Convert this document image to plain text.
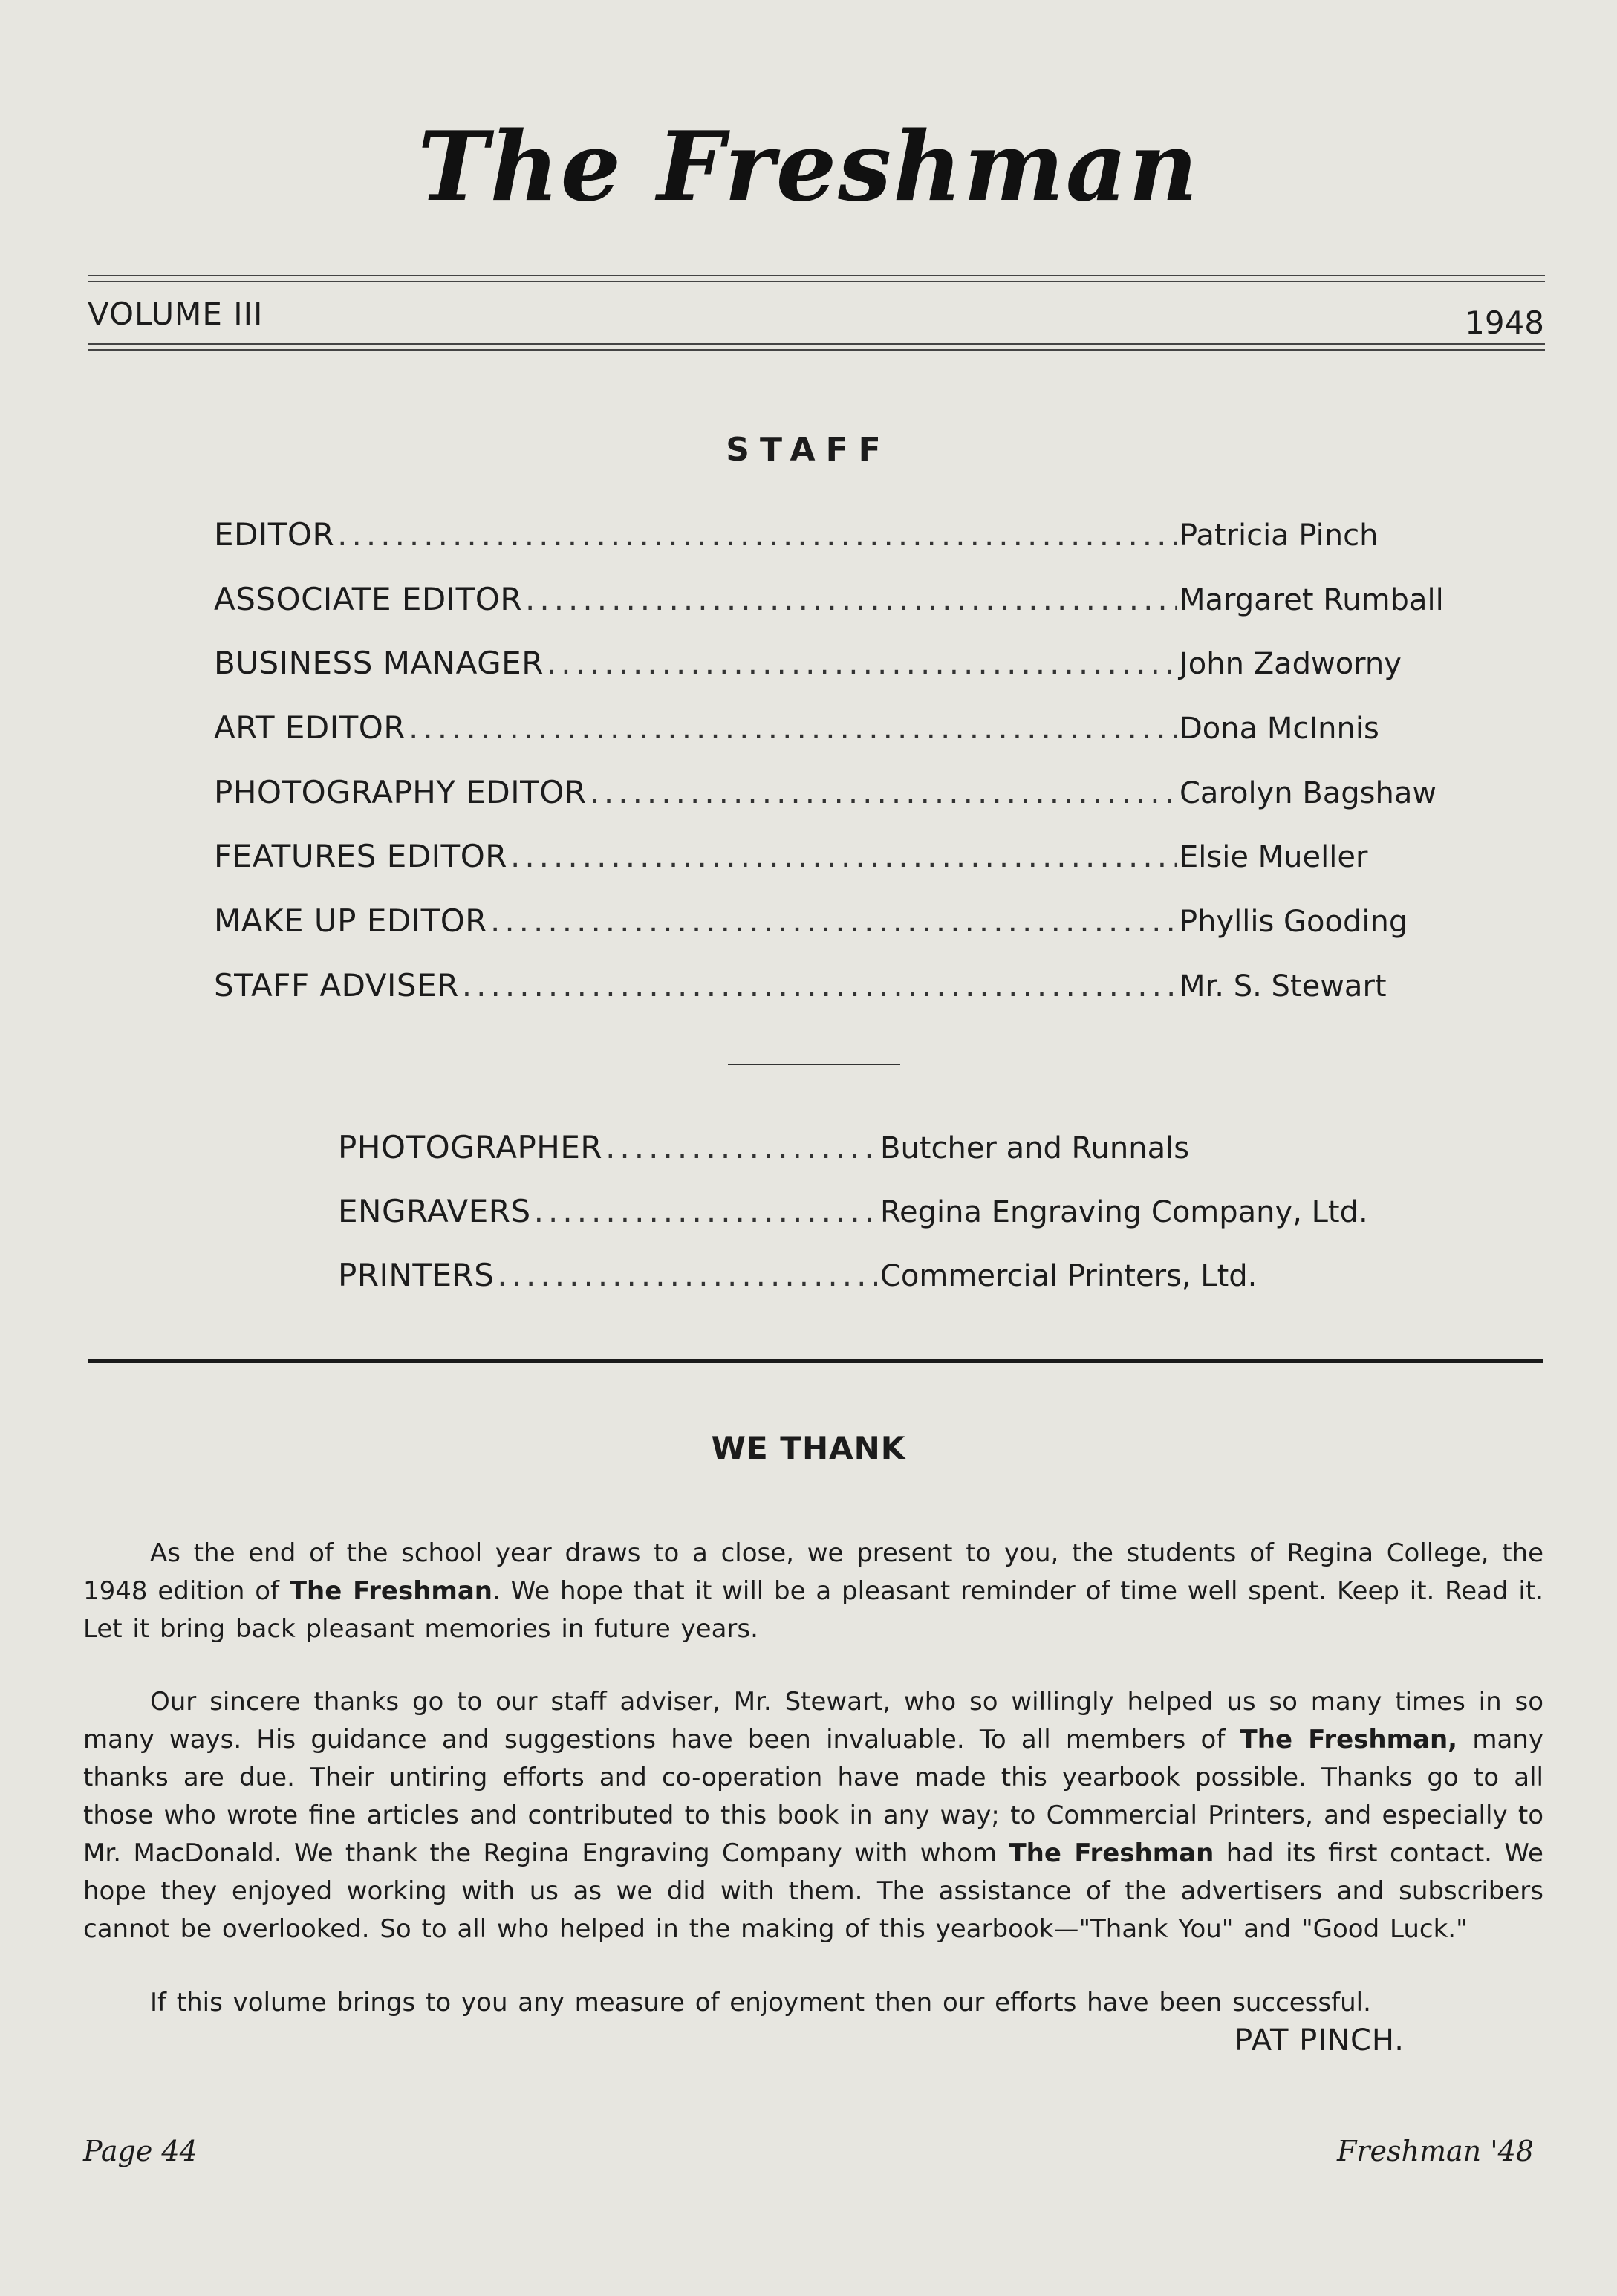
The Freshman
VOLUME III	1948
STAFF
EDITOR .....	Patricia Pinch
ASSOCIATE EDITOR .....	Margaret Rumball
BUSINESS MANAGER .....	John Zadworny
ART EDITOR .....	Dona McInnis
PHOTOGRAPHY EDITOR .....	Carolyn Bagshaw
FEATURES EDITOR .....	Elsie Mueller
MAKE UP EDITOR .....	Phyllis Gooding
STAFF ADVISER .....	Mr. S. Stewart
PHOTOGRAPHER .....	Butcher and Runnals
ENGRAVERS .....	Regina Engraving Company, Ltd.
PRINTERS .....	Commercial Printers, Ltd.
WE THANK

As the end of the school year draws to a close, we present to you, the students of Regina College, the 1948 edition of The Freshman. We hope that it will be a pleasant reminder of time well spent. Keep it. Read it. Let it bring back pleasant memories in future years.

Our sincere thanks go to our staff adviser, Mr. Stewart, who so willingly helped us so many times in so many ways. His guidance and suggestions have been invaluable. To all members of The Freshman, many thanks are due. Their untiring efforts and co-operation have made this yearbook possible. Thanks go to all those who wrote fine articles and contributed to this book in any way; to Commercial Printers, and especially to Mr. MacDonald. We thank the Regina Engraving Company with whom The Freshman had its first contact. We hope they enjoyed working with us as we did with them. The assistance of the advertisers and subscribers cannot be overlooked. So to all who helped in the making of this yearbook—"Thank You" and "Good Luck."

If this volume brings to you any measure of enjoyment then our efforts have been successful.

PAT PINCH.
Page 44	Freshman '48
